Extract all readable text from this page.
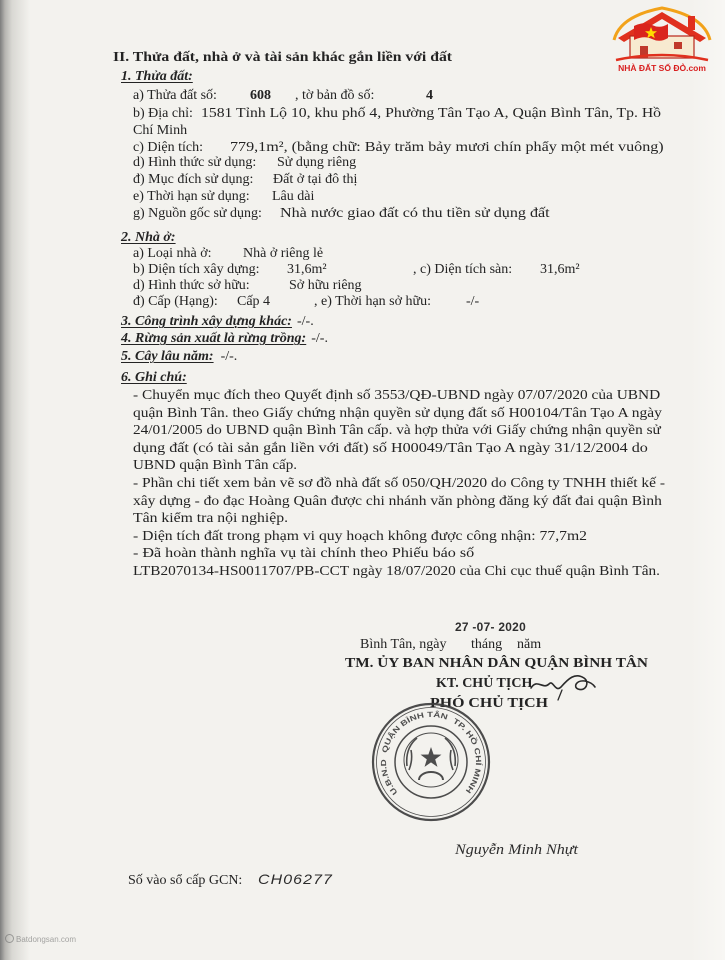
NHÀ ĐẤT SỐ ĐỎ.com
II. Thửa đất, nhà ở và tài sản khác gắn liền với đất
1. Thửa đất:
a) Thửa đất số: 608 , tờ bản đồ số:	4
b) Địa chỉ: 1581 Tỉnh Lộ 10, khu phố 4, Phường Tân Tạo A, Quận Bình Tân, Tp. Hồ
Chí Minh
c) Diện tích: 779,1m², (bằng chữ: Bảy trăm bảy mươi chín phẩy một mét vuông)
d) Hình thức sử dụng: Sử dụng riêng
đ) Mục đích sử dụng: Đất ở tại đô thị
e) Thời hạn sử dụng: Lâu dài
g) Nguồn gốc sử dụng: Nhà nước giao đất có thu tiền sử dụng đất
2. Nhà ở:
a) Loại nhà ở: Nhà ở riêng lẻ
b) Diện tích xây dựng: 31,6m²	, c) Diện tích sàn: 31,6m²
d) Hình thức sở hữu:	Sở hữu riêng
đ) Cấp (Hạng): Cấp 4	, e) Thời hạn sở hữu: -/-
3. Công trình xây dựng khác: -/-.
4. Rừng sản xuất là rừng trồng: -/-.
5. Cây lâu năm: -/-.
6. Ghi chú:
- Chuyển mục đích theo Quyết định số 3553/QĐ-UBND ngày 07/07/2020 của UBND
quận Bình Tân. theo Giấy chứng nhận quyền sử dụng đất số H00104/Tân Tạo A ngày
24/01/2005 do UBND quận Bình Tân cấp. và hợp thửa với Giấy chứng nhận quyền sử
dụng đất (có tài sản gắn liền với đất) số H00049/Tân Tạo A ngày 31/12/2004 do
UBND quận Bình Tân cấp.
- Phần chi tiết xem bản vẽ sơ đồ nhà đất số 050/QH/2020 do Công ty TNHH thiết kế -
xây dựng - đo đạc Hoàng Quân được chi nhánh văn phòng đăng ký đất đai quận Bình
Tân kiểm tra nội nghiệp.
- Diện tích đất trong phạm vi quy hoạch không được công nhận: 77,7m2
- Đã hoàn thành nghĩa vụ tài chính theo Phiếu báo số
LTB2070134-HS0011707/PB-CCT ngày 18/07/2020 của Chi cục thuế quận Bình Tân.
27 -07- 2020
Bình Tân, ngày tháng năm
TM. ỦY BAN NHÂN DÂN QUẬN BÌNH TÂN
KT. CHỦ TỊCH
PHÓ CHỦ TỊCH
U.B.N.D
QUẬN BÌNH TÂN
TP. HỒ CHÍ MINH
Nguyễn Minh Nhựt
Số vào sổ cấp GCN: CH06277
Batdongsan.com
